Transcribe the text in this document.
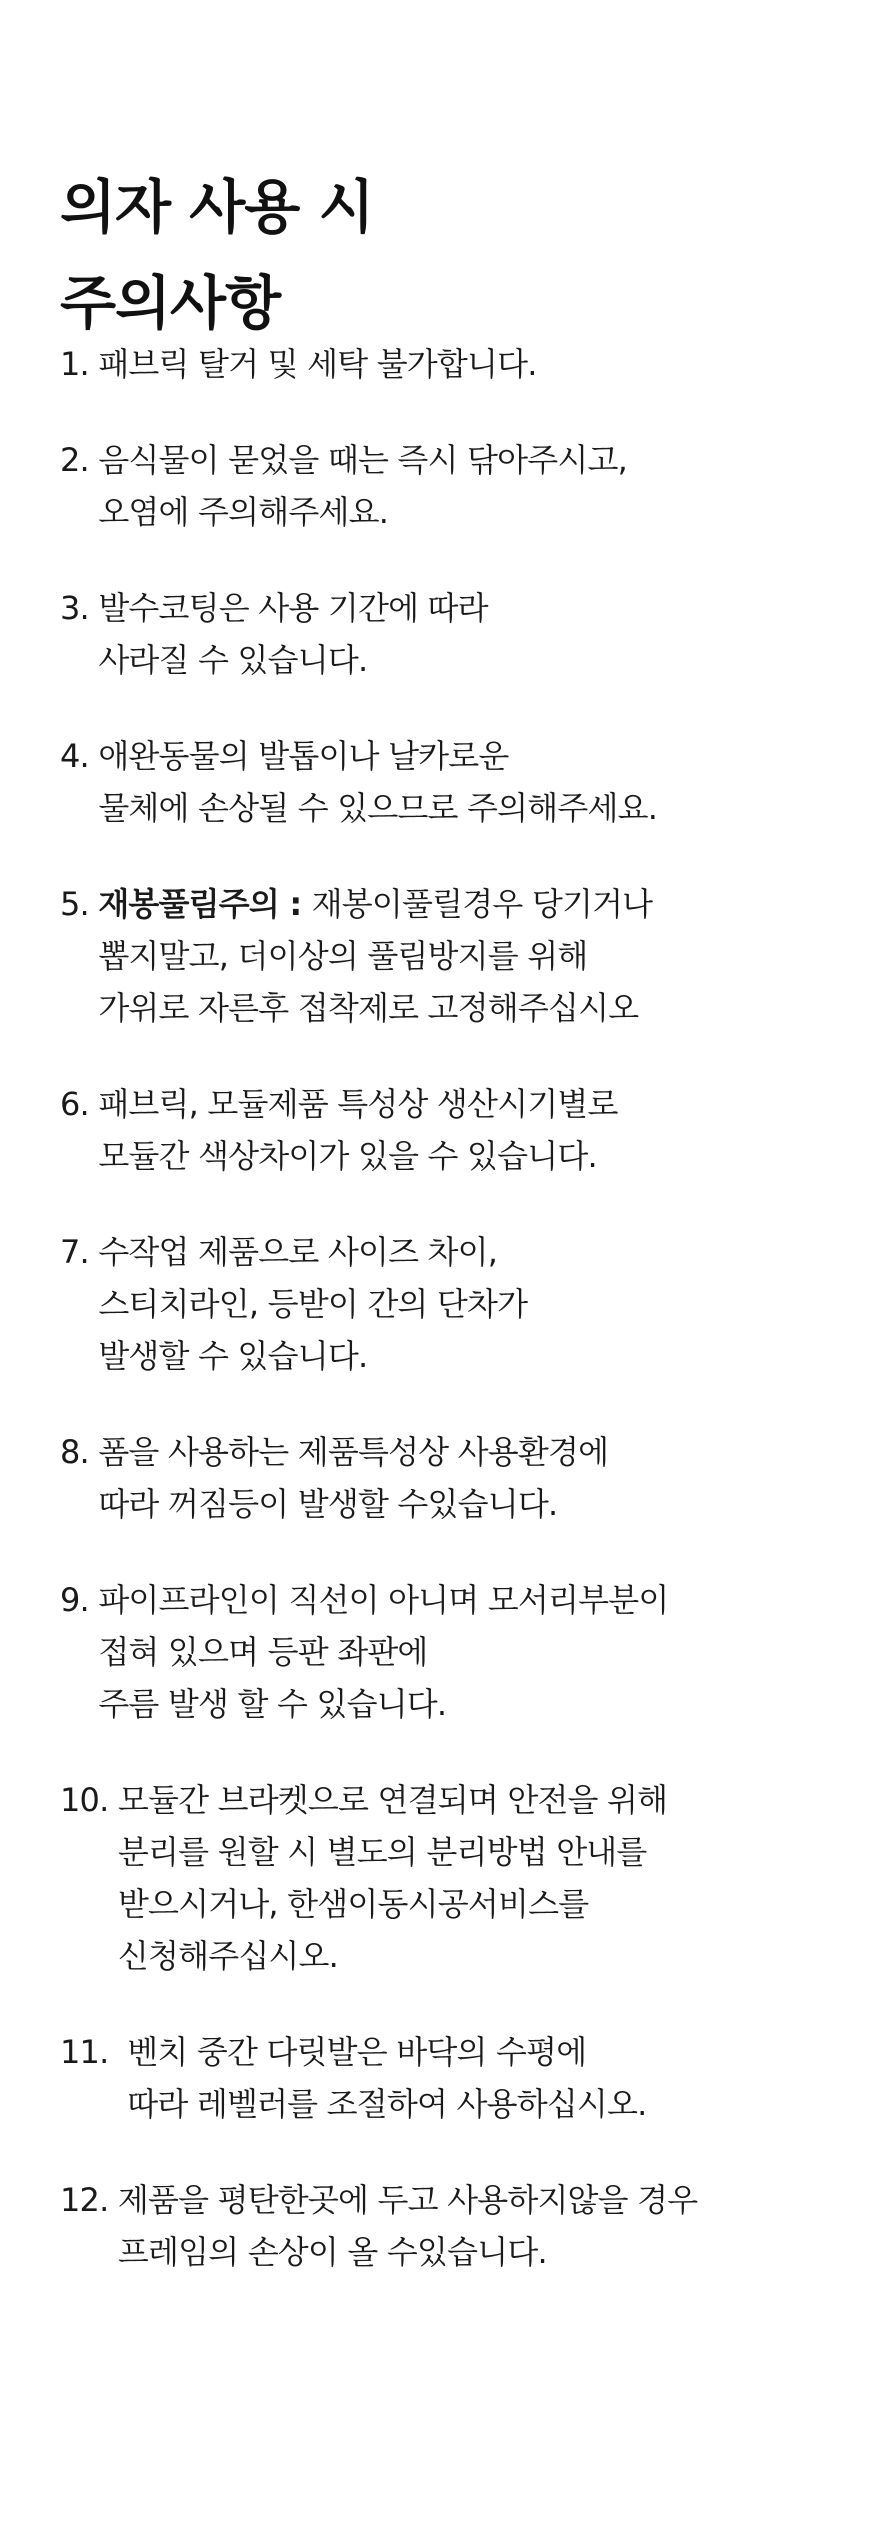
의자 사용 시
주의사항
1. 패브릭 탈거 및 세탁 불가합니다.
2. 음식물이 묻었을 때는 즉시 닦아주시고,
오염에 주의해주세요.
3. 발수코팅은 사용 기간에 따라
사라질 수 있습니다.
4. 애완동물의 발톱이나 날카로운
물체에 손상될 수 있으므로 주의해주세요.
5. 재봉풀림주의 : 재봉이풀릴경우 당기거나
뽑지말고, 더이상의 풀림방지를 위해
가위로 자른후 접착제로 고정해주십시오
6. 패브릭, 모듈제품 특성상 생산시기별로
모듈간 색상차이가 있을 수 있습니다.
7. 수작업 제품으로 사이즈 차이,
스티치라인, 등받이 간의 단차가
발생할 수 있습니다.
8. 폼을 사용하는 제품특성상 사용환경에
따라 꺼짐등이 발생할 수있습니다.
9. 파이프라인이 직선이 아니며 모서리부분이
접혀 있으며 등판 좌판에
주름 발생 할 수 있습니다.
10. 모듈간 브라켓으로 연결되며 안전을 위해
분리를 원할 시 별도의 분리방법 안내를
받으시거나, 한샘이동시공서비스를
신청해주십시오.
11. 벤치 중간 다릿발은 바닥의 수평에
따라 레벨러를 조절하여 사용하십시오.
12. 제품을 평탄한곳에 두고 사용하지않을 경우
프레임의 손상이 올 수있습니다.
